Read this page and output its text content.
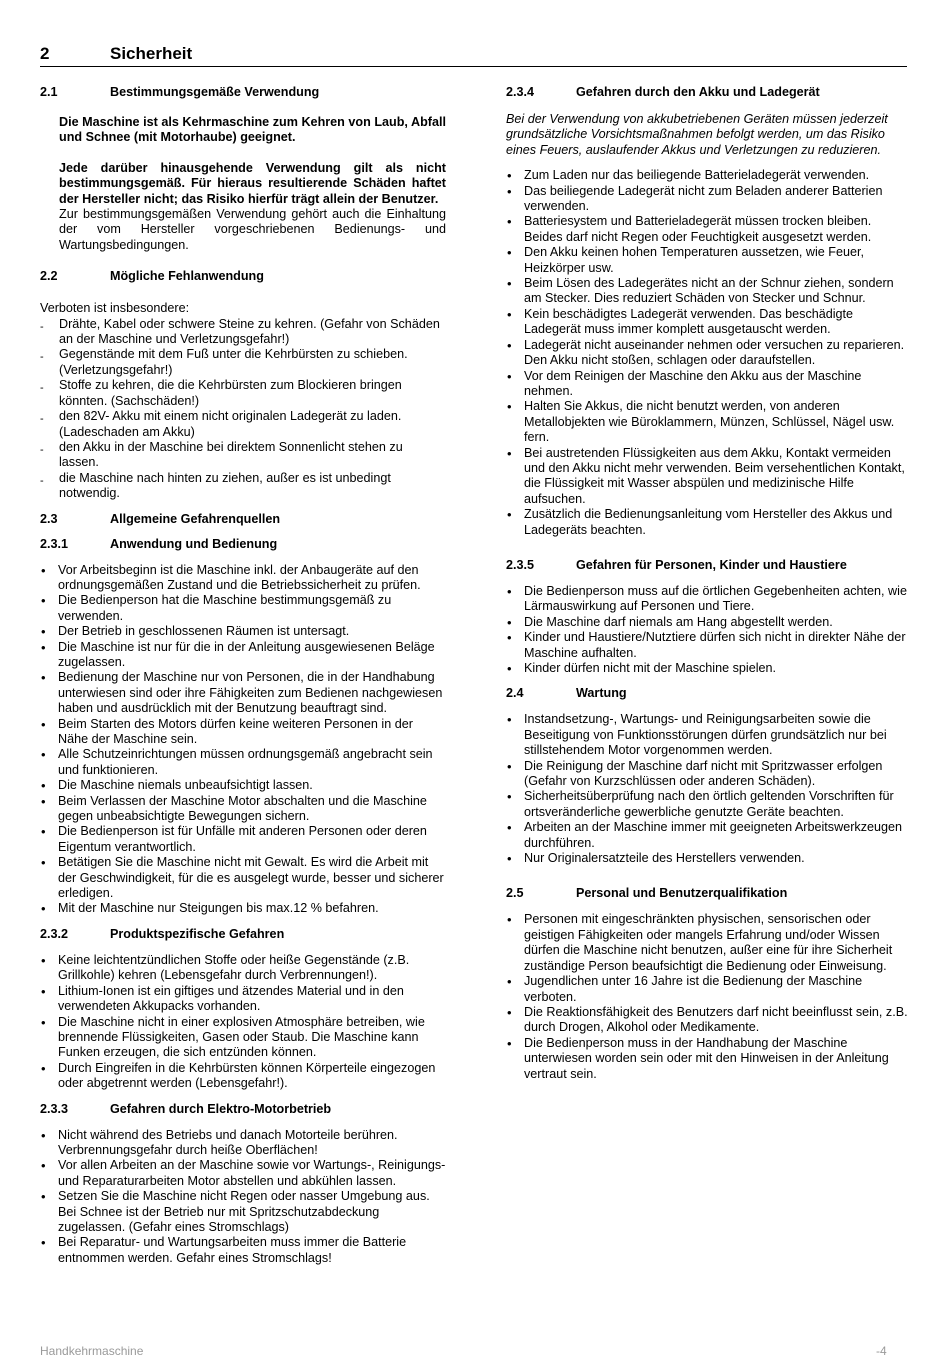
2	Sicherheit
2.1	Bestimmungsgemäße Verwendung

Die Maschine ist als Kehrmaschine zum Kehren von Laub, Abfall und Schnee (mit Motorhaube) geeignet.

Jede darüber hinausgehende Verwendung gilt als nicht bestimmungsgemäß. Für hieraus resultierende Schäden haftet der Hersteller nicht; das Risiko hierfür trägt allein der Benutzer.

Zur bestimmungsgemäßen Verwendung gehört auch die Einhaltung der vom Hersteller vorgeschriebenen Bedienungs- und Wartungsbedingungen.

2.2	Mögliche Fehlanwendung

Verboten ist insbesondere:

- Drähte, Kabel oder schwere Steine zu kehren. (Gefahr von Schäden an der Maschine und Verletzungsgefahr!)
- Gegenstände mit dem Fuß unter die Kehrbürsten zu schieben. (Verletzungsgefahr!)
- Stoffe zu kehren, die die Kehrbürsten zum Blockieren bringen könnten. (Sachschäden!)
- den 82V- Akku mit einem nicht originalen Ladegerät zu laden. (Ladeschaden am Akku)
- den Akku in der Maschine bei direktem Sonnenlicht stehen zu lassen.
- die Maschine nach hinten zu ziehen, außer es ist unbedingt notwendig.
2.3	Allgemeine Gefahrenquellen
2.3.1	Anwendung und Bedienung
• Vor Arbeitsbeginn ist die Maschine inkl. der Anbaugeräte auf den ordnungsgemäßen Zustand und die Betriebssicherheit zu prüfen.
• Die Bedienperson hat die Maschine bestimmungsgemäß zu verwenden.
• Der Betrieb in geschlossenen Räumen ist untersagt.
• Die Maschine ist nur für die in der Anleitung ausgewiesenen Beläge zugelassen.
• Bedienung der Maschine nur von Personen, die in der Handhabung unterwiesen sind oder ihre Fähigkeiten zum Bedienen nachgewiesen haben und ausdrücklich mit der Benutzung beauftragt sind.
• Beim Starten des Motors dürfen keine weiteren Personen in der Nähe der Maschine sein.
• Alle Schutzeinrichtungen müssen ordnungsgemäß angebracht sein und funktionieren.
• Die Maschine niemals unbeaufsichtigt lassen.
• Beim Verlassen der Maschine Motor abschalten und die Maschine gegen unbeabsichtigte Bewegungen sichern.
• Die Bedienperson ist für Unfälle mit anderen Personen oder deren Eigentum verantwortlich.
• Betätigen Sie die Maschine nicht mit Gewalt. Es wird die Arbeit mit der Geschwindigkeit, für die es ausgelegt wurde, besser und sicherer erledigen.
• Mit der Maschine nur Steigungen bis max.12 % befahren.
2.3.2	Produktspezifische Gefahren
• Keine leichtentzündlichen Stoffe oder heiße Gegenstände (z.B. Grillkohle) kehren (Lebensgefahr durch Verbrennungen!).
• Lithium-Ionen ist ein giftiges und ätzendes Material und in den verwendeten Akkupacks vorhanden.
• Die Maschine nicht in einer explosiven Atmosphäre betreiben, wie brennende Flüssigkeiten, Gasen oder Staub. Die Maschine kann Funken erzeugen, die sich entzünden können.
• Durch Eingreifen in die Kehrbürsten können Körperteile eingezogen oder abgetrennt werden (Lebensgefahr!).
2.3.3	Gefahren durch Elektro-Motorbetrieb
• Nicht während des Betriebs und danach Motorteile berühren. Verbrennungsgefahr durch heiße Oberflächen!
• Vor allen Arbeiten an der Maschine sowie vor Wartungs-, Reinigungs- und Reparaturarbeiten Motor abstellen und abkühlen lassen.
• Setzen Sie die Maschine nicht Regen oder nasser Umgebung aus. Bei Schnee ist der Betrieb nur mit Spritzschutzabdeckung zugelassen. (Gefahr eines Stromschlags)
• Bei Reparatur- und Wartungsarbeiten muss immer die Batterie entnommen werden. Gefahr eines Stromschlags!
2.3.4	Gefahren durch den Akku und Ladegerät

Bei der Verwendung von akkubetriebenen Geräten müssen jederzeit grundsätzliche Vorsichtsmaßnahmen befolgt werden, um das Risiko eines Feuers, auslaufender Akkus und Verletzungen zu reduzieren.

• Zum Laden nur das beiliegende Batterieladegerät verwenden.
• Das beiliegende Ladegerät nicht zum Beladen anderer Batterien verwenden.
• Batteriesystem und Batterieladegerät müssen trocken bleiben. Beides darf nicht Regen oder Feuchtigkeit ausgesetzt werden.
• Den Akku keinen hohen Temperaturen aussetzen, wie Feuer, Heizkörper usw.
• Beim Lösen des Ladegerätes nicht an der Schnur ziehen, sondern am Stecker. Dies reduziert Schäden von Stecker und Schnur.
• Kein beschädigtes Ladegerät verwenden. Das beschädigte Ladegerät muss immer komplett ausgetauscht werden.
• Ladegerät nicht auseinander nehmen oder versuchen zu reparieren. Den Akku nicht stoßen, schlagen oder daraufstellen.
• Vor dem Reinigen der Maschine den Akku aus der Maschine nehmen.
• Halten Sie Akkus, die nicht benutzt werden, von anderen Metallobjekten wie Büroklammern, Münzen, Schlüssel, Nägel usw. fern.
• Bei austretenden Flüssigkeiten aus dem Akku, Kontakt vermeiden und den Akku nicht mehr verwenden. Beim versehentlichen Kontakt, die Flüssigkeit mit Wasser abspülen und medizinische Hilfe aufsuchen.
• Zusätzlich die Bedienungsanleitung vom Hersteller des Akkus und Ladegeräts beachten.
2.3.5	Gefahren für Personen, Kinder und Haustiere
• Die Bedienperson muss auf die örtlichen Gegebenheiten achten, wie Lärmauswirkung auf Personen und Tiere.
• Die Maschine darf niemals am Hang abgestellt werden.
• Kinder und Haustiere/Nutztiere dürfen sich nicht in direkter Nähe der Maschine aufhalten.
• Kinder dürfen nicht mit der Maschine spielen.
2.4	Wartung
• Instandsetzung-, Wartungs- und Reinigungsarbeiten sowie die Beseitigung von Funktionsstörungen dürfen grundsätzlich nur bei stillstehendem Motor vorgenommen werden.
• Die Reinigung der Maschine darf nicht mit Spritzwasser erfolgen (Gefahr von Kurzschlüssen oder anderen Schäden).
• Sicherheitsüberprüfung nach den örtlich geltenden Vorschriften für ortsveränderliche gewerbliche genutzte Geräte beachten.
• Arbeiten an der Maschine immer mit geeigneten Arbeitswerkzeugen durchführen.
• Nur Originalersatzteile des Herstellers verwenden.
2.5	Personal und Benutzerqualifikation
• Personen mit eingeschränkten physischen, sensorischen oder geistigen Fähigkeiten oder mangels Erfahrung und/oder Wissen dürfen die Maschine nicht benutzen, außer eine für ihre Sicherheit zuständige Person beaufsichtigt die Bedienung oder Einweisung.
• Jugendlichen unter 16 Jahre ist die Bedienung der Maschine verboten.
• Die Reaktionsfähigkeit des Benutzers darf nicht beeinflusst sein, z.B. durch Drogen, Alkohol oder Medikamente.
• Die Bedienperson muss in der Handhabung der Maschine unterwiesen worden sein oder mit den Hinweisen in der Anleitung vertraut sein.
Handkehrmaschine	-4
